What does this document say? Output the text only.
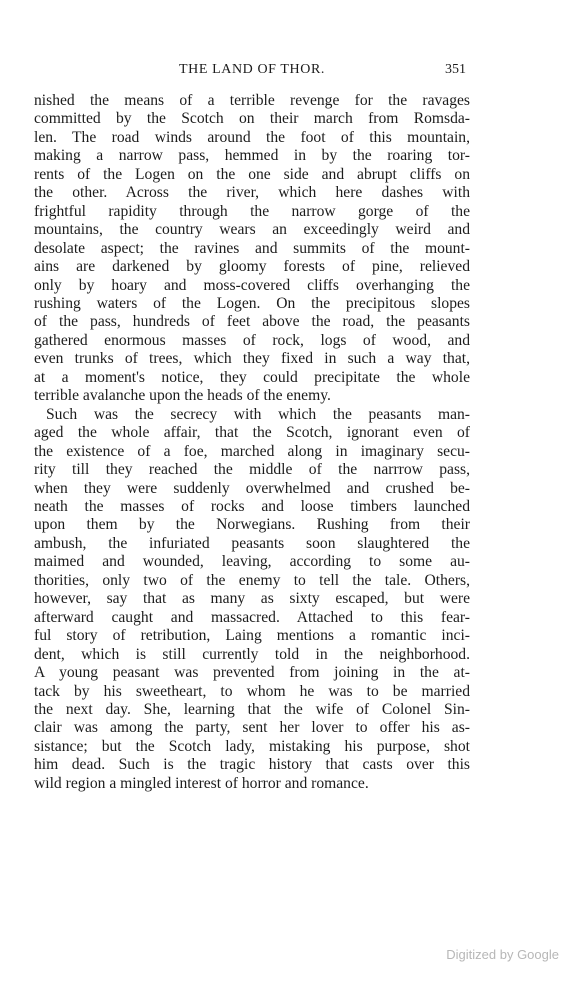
THE LAND OF THOR.	351
nished the means of a terrible revenge for the ravages
committed by the Scotch on their march from Romsda-
len. The road winds around the foot of this mountain,
making a narrow pass, hemmed in by the roaring tor-
rents of the Logen on the one side and abrupt cliffs on
the other. Across the river, which here dashes with
frightful rapidity through the narrow gorge of the
mountains, the country wears an exceedingly weird and
desolate aspect; the ravines and summits of the mount-
ains are darkened by gloomy forests of pine, relieved
only by hoary and moss-covered cliffs overhanging the
rushing waters of the Logen. On the precipitous slopes
of the pass, hundreds of feet above the road, the peasants
gathered enormous masses of rock, logs of wood, and
even trunks of trees, which they fixed in such a way that,
at a moment's notice, they could precipitate the whole
terrible avalanche upon the heads of the enemy.
Such was the secrecy with which the peasants man-
aged the whole affair, that the Scotch, ignorant even of
the existence of a foe, marched along in imaginary secu-
rity till they reached the middle of the narrrow pass,
when they were suddenly overwhelmed and crushed be-
neath the masses of rocks and loose timbers launched
upon them by the Norwegians. Rushing from their
ambush, the infuriated peasants soon slaughtered the
maimed and wounded, leaving, according to some au-
thorities, only two of the enemy to tell the tale. Others,
however, say that as many as sixty escaped, but were
afterward caught and massacred. Attached to this fear-
ful story of retribution, Laing mentions a romantic inci-
dent, which is still currently told in the neighborhood.
A young peasant was prevented from joining in the at-
tack by his sweetheart, to whom he was to be married
the next day. She, learning that the wife of Colonel Sin-
clair was among the party, sent her lover to offer his as-
sistance; but the Scotch lady, mistaking his purpose, shot
him dead. Such is the tragic history that casts over this
wild region a mingled interest of horror and romance.
Digitized by Google
